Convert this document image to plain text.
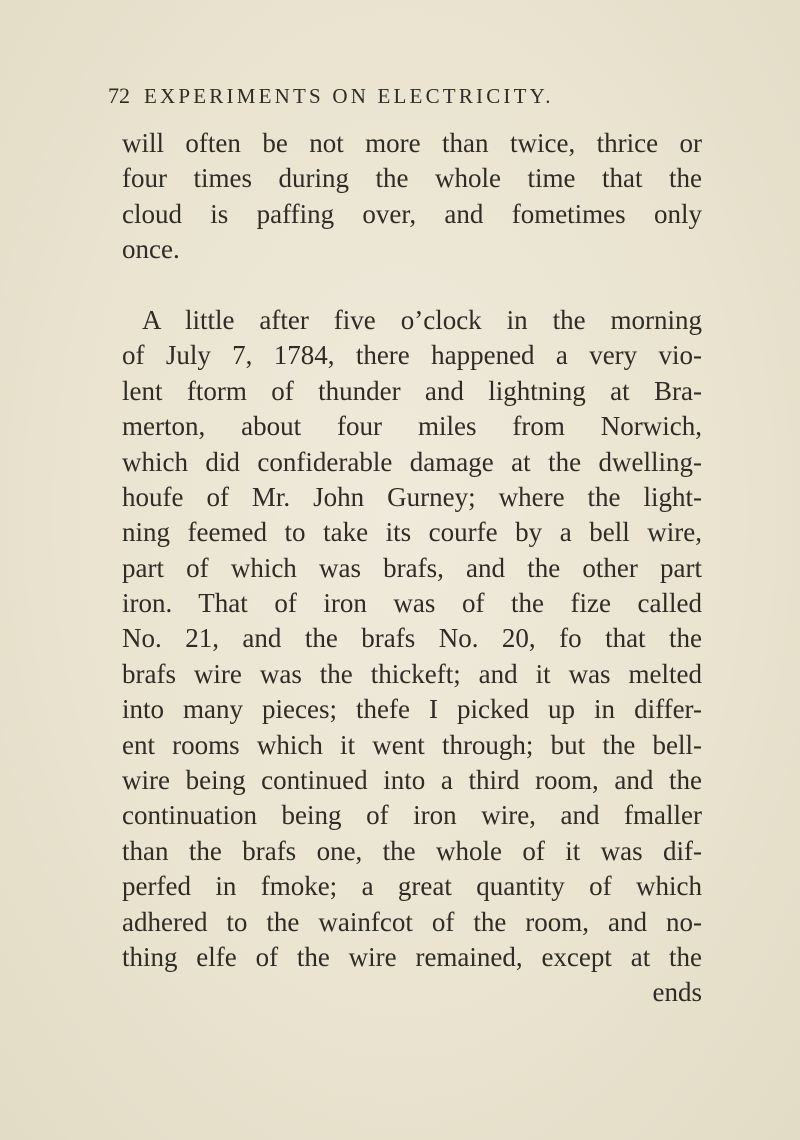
72 EXPERIMENTS ON ELECTRICITY.
will often be not more than twice, thrice or
four times during the whole time that the
cloud is paffing over, and fometimes only
once.
A little after five o’clock in the morning
of July 7, 1784, there happened a very vio-
lent ftorm of thunder and lightning at Bra-
merton, about four miles from Norwich,
which did confiderable damage at the dwelling-
houfe of Mr. John Gurney; where the light-
ning feemed to take its courfe by a bell wire,
part of which was brafs, and the other part
iron. That of iron was of the fize called
No. 21, and the brafs No. 20, fo that the
brafs wire was the thickeft; and it was melted
into many pieces; thefe I picked up in differ-
ent rooms which it went through; but the bell-
wire being continued into a third room, and the
continuation being of iron wire, and fmaller
than the brafs one, the whole of it was dif-
perfed in fmoke; a great quantity of which
adhered to the wainfcot of the room, and no-
thing elfe of the wire remained, except at the
ends
